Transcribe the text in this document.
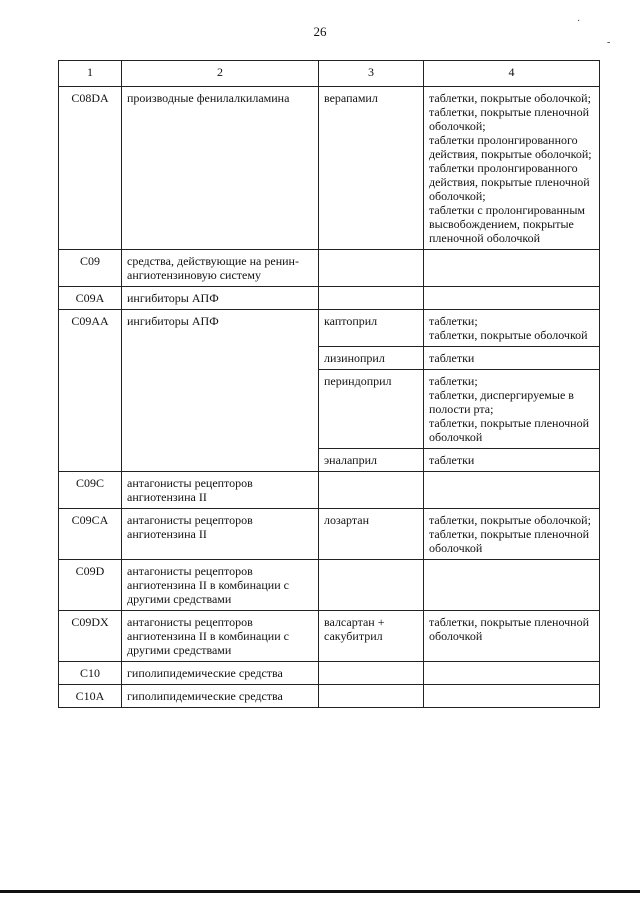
26
·
-
1	2	3	4
C08DA	производные фенилалкиламина	верапамил	таблетки, покрытые оболочкой;
таблетки, покрытые пленочной оболочкой;
таблетки пролонгированного действия, покрытые оболочкой;
таблетки пролонгированного действия, покрытые пленочной оболочкой;
таблетки с пролонгированным высвобождением, покрытые пленочной оболочкой

C09	средства, действующие на ренин-ангиотензиновую систему		
C09A	ингибиторы АПФ		
C09AA	ингибиторы АПФ	каптоприл	таблетки;
таблетки, покрытые оболочкой

		лизиноприл	таблетки

		периндоприл	таблетки;
таблетки, диспергируемые в полости рта;
таблетки, покрытые пленочной оболочкой

		эналаприл	таблетки

C09C	антагонисты рецепторов ангиотензина II		
C09CA	антагонисты рецепторов ангиотензина II	лозартан	таблетки, покрытые оболочкой;
таблетки, покрытые пленочной оболочкой

C09D	антагонисты рецепторов ангиотензина II в комбинации с другими средствами		
C09DX	антагонисты рецепторов ангиотензина II в комбинации с другими средствами	валсартан + сакубитрил	таблетки, покрытые пленочной оболочкой

C10	гиполипидемические средства		
C10A	гиполипидемические средства		
